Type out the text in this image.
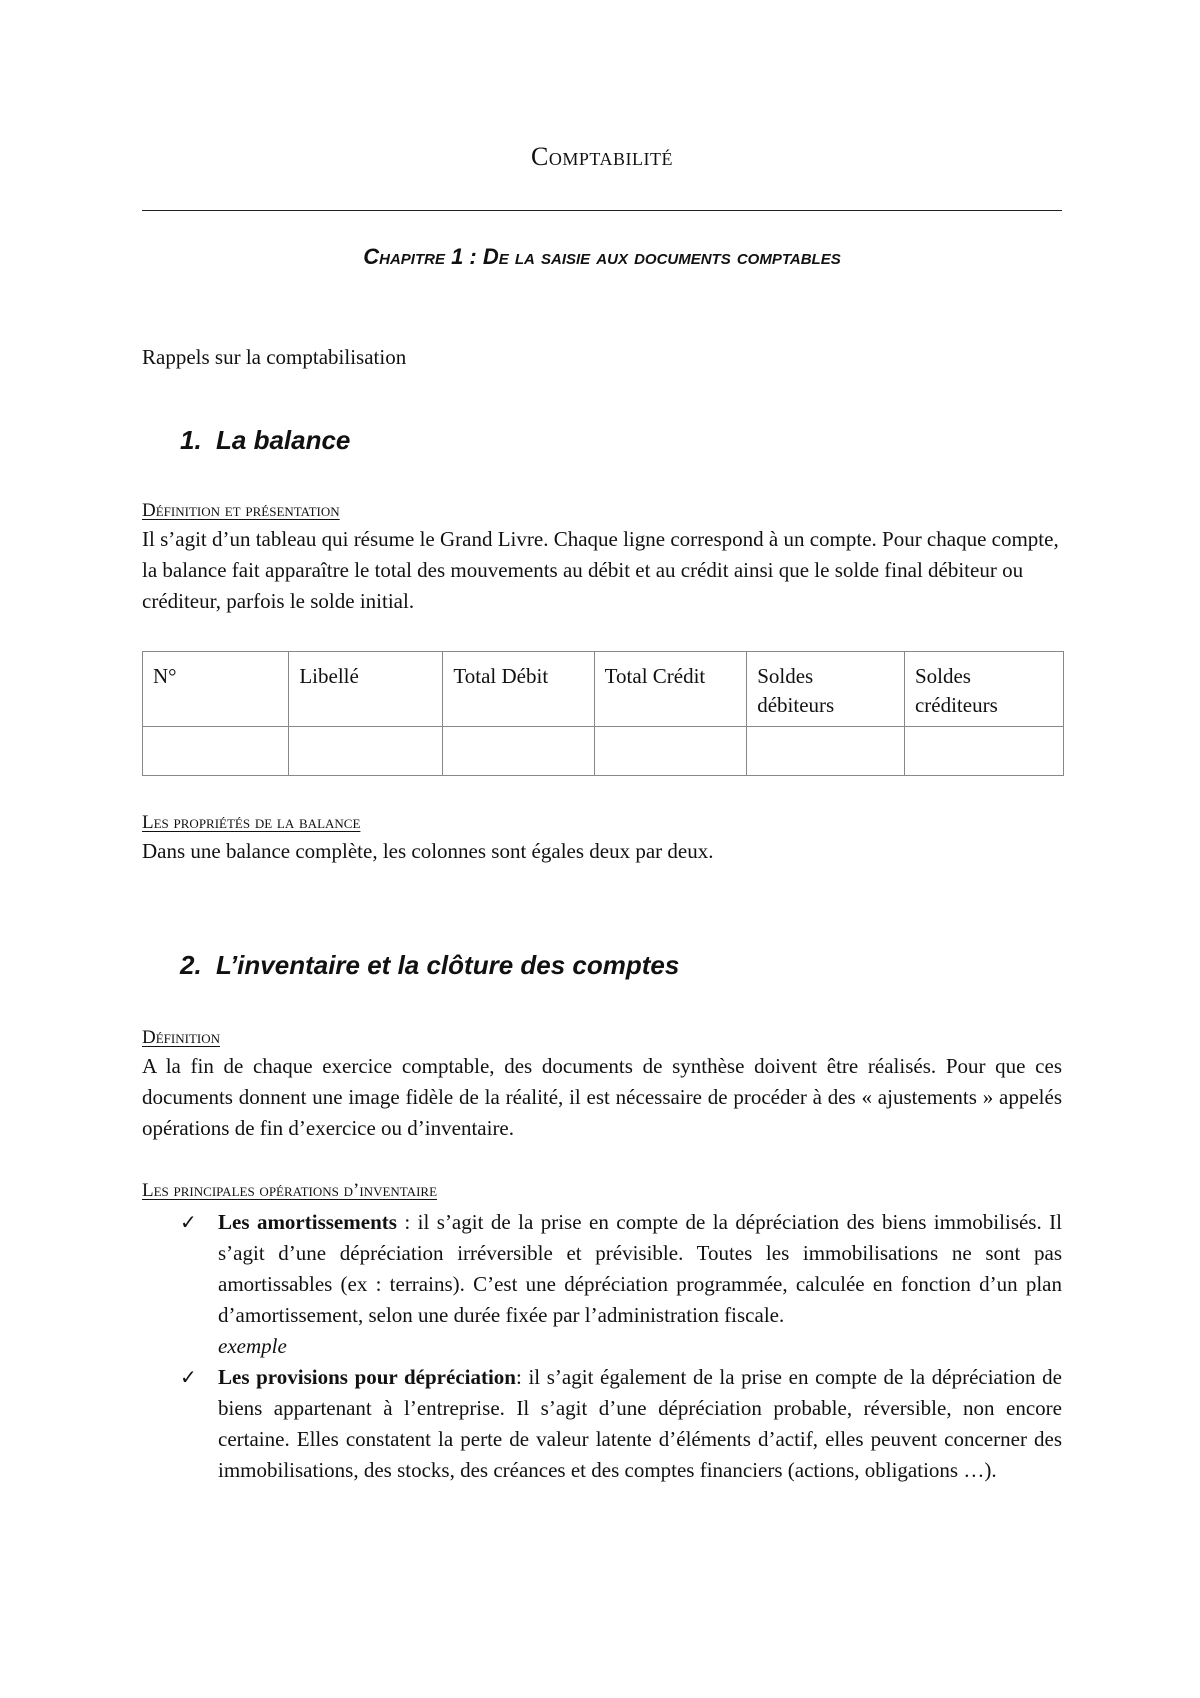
Comptabilité
Chapitre 1 : De la saisie aux documents comptables
Rappels sur la comptabilisation
1. La balance
Définition et présentation
Il s’agit d’un tableau qui résume le Grand Livre. Chaque ligne correspond à un compte. Pour chaque compte, la balance fait apparaître le total des mouvements au débit et au crédit ainsi que le solde final débiteur ou créditeur, parfois le solde initial.
N°	Libellé	Total Débit	Total Crédit	Soldes débiteurs	Soldes créditeurs

Les propriétés de la balance
Dans une balance complète, les colonnes sont égales deux par deux.
2. L’inventaire et la clôture des comptes
Définition
A la fin de chaque exercice comptable, des documents de synthèse doivent être réalisés. Pour que ces documents donnent une image fidèle de la réalité, il est nécessaire de procéder à des « ajustements » appelés opérations de fin d’exercice ou d’inventaire.
Les principales opérations d’inventaire
✓ Les amortissements : il s’agit de la prise en compte de la dépréciation des biens immobilisés. Il s’agit d’une dépréciation irréversible et prévisible. Toutes les immobilisations ne sont pas amortissables (ex : terrains). C’est une dépréciation programmée, calculée en fonction d’un plan d’amortissement, selon une durée fixée par l’administration fiscale.
exemple
✓ Les provisions pour dépréciation: il s’agit également de la prise en compte de la dépréciation de biens appartenant à l’entreprise. Il s’agit d’une dépréciation probable, réversible, non encore certaine. Elles constatent la perte de valeur latente d’éléments d’actif, elles peuvent concerner des immobilisations, des stocks, des créances et des comptes financiers (actions, obligations …).
